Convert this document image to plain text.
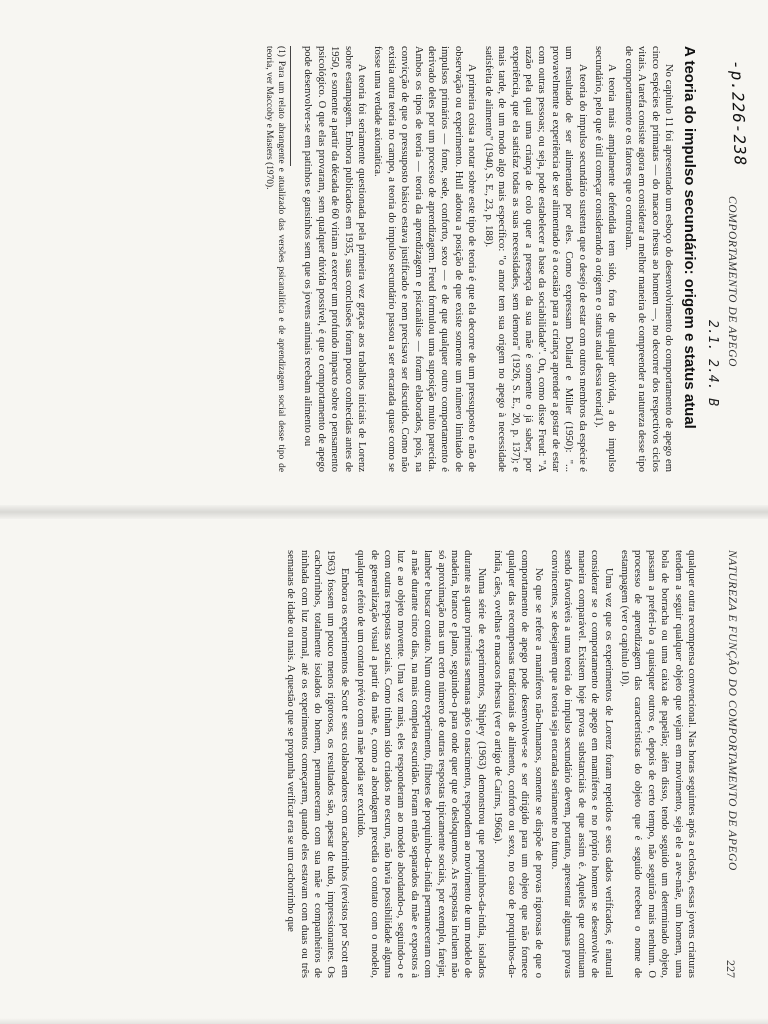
-p.226-238
2.1. 2.4. B COMPORTAMENTO DE APEGO
A teoria do impulso secundário: origem e status atual

No capítulo 11 foi apresentado um esboço do desenvolvimento do comportamento de apego em cinco espécies de primatas — do macaco rhesus ao homem —, no decorrer dos respectivos ciclos vitais. A tarefa consiste agora em considerar a melhor maneira de compreender a natureza desse tipo de comportamento e os fatores que o controlam.

A teoria mais amplamente defendida tem sido, fora de qualquer dúvida, a do impulso secundário, pelo que é útil começar considerando a origem e o status atual dessa teoria(1).

A teoria do impulso secundário sustenta que o desejo de estar com outros membros da espécie é um resultado de ser alimentado por eles. Como expressam Dollard e Miller (1950): "... provavelmente a experiência de ser alimentado é a ocasião para a criança aprender a gostar de estar com outras pessoas; ou seja, pode estabelecer a base da sociabilidade". Ou, como disse Freud: "A razão pela qual uma criança de colo quer a presença da sua mãe é somente o já saber, por experiência, que ela satisfaz todas as suas necessidades, sem demora" (1926, S. E., 20, p. 137); e mais tarde, de um modo algo mais específico: "o amor tem sua origem no apego à necessidade satisfeita de alimento" (1940, S. E., 23, p. 188).

A primeira coisa a notar sobre este tipo de teoria é que ela decorre de um pressuposto e não de observação ou experimento. Hull adotou a posição de que existe somente um número limitado de impulsos primários — fome, sede, conforto, sexo — e de que qualquer outro comportamento é derivado deles por um processo de aprendizagem. Freud formulou uma suposição muito parecida. Ambos os tipos de teoria — teoria da aprendizagem e psicanálise — foram elaborados, pois, na convicção de que o pressuposto básico estava justificado e nem precisava ser discutido. Como não existia outra teoria no campo, a teoria do impulso secundário passou a ser encarada quase como se fosse uma verdade axiomática.

A teoria foi seriamente questionada pela primeira vez graças aos trabalhos iniciais de Lorenz sobre estampagem. Embora publicados em 1935, suas conclusões foram pouco conhecidas antes de 1950, e somente a partir da década de 60 viriam a exercer um profundo impacto sobre o pensamento psicológico. O que elas provaram, sem qualquer dúvida possível, é que o comportamento de apego pode desenvolver-se em patinhos e gansinhos sem que os jovens animais recebam alimento ou

(1) Para um relato abrangente e atualizado das versões psicanalítica e de aprendizagem social desse tipo de teoria, ver Maccoby e Masters (1970).

NATUREZA E FUNÇÃO DO COMPORTAMENTO DE APEGO
227

qualquer outra recompensa convencional. Nas horas seguintes após a eclosão, essas jovens criaturas tendem a seguir qualquer objeto que vejam em movimento, seja ele a ave-mãe, um homem, uma bola de borracha ou uma caixa de papelão; além disso, tendo seguido um determinado objeto, passam a preferi-lo a quaisquer outros e, depois de certo tempo, não seguirão mais nenhum. O processo de aprendizagem das características do objeto que é seguido recebeu o nome de estampagem (ver o capítulo 10).

Uma vez que os experimentos de Lorenz foram repetidos e seus dados verificados, é natural considerar se o comportamento de apego em mamíferos e no próprio homem se desenvolve de maneira comparável. Existem hoje provas substanciais de que assim é. Aqueles que continuam sendo favoráveis a uma teoria do impulso secundário devem, portanto, apresentar algumas provas convincentes, se desejarem que a teoria seja encarada seriamente no futuro.

No que se refere a mamíferos não-humanos, somente se dispõe de provas rigorosas de que o comportamento de apego pode desenvolver-se e ser dirigido para um objeto que não fornece qualquer das recompensas tradicionais de alimento, conforto ou sexo, no caso de porquinhos-da-índia, cães, ovelhas e macacos rhesus (ver o artigo de Cairns, 1966a).

Numa série de experimentos, Shipley (1963) demonstrou que porquinhos-da-índia, isolados durante as quatro primeiras semanas após o nascimento, respondem ao movimento de um modelo de madeira, branco e plano, seguindo-o para onde quer que o desloquemos. As respostas incluem não só aproximação mas um certo número de outras respostas tipicamente sociais, por exemplo, farejar, lamber e buscar contato. Num outro experimento, filhotes de porquinho-da-índia permaneceram com a mãe durante cinco dias, na mais completa escuridão. Foram então separados da mãe e expostos à luz e ao objeto movente. Uma vez mais, eles responderam ao modelo abordando-o, seguindo-o e com outras respostas sociais. Como tinham sido criados no escuro, não havia possibilidade alguma de generalização visual a partir da mãe e, como a abordagem precedia o contato com o modelo, qualquer efeito de um contato prévio com a mãe podia ser excluído.

Embora os experimentos de Scott e seus colaboradores com cachorrinhos (revistos por Scott em 1963) fossem um pouco menos rigorosos, os resultados são, apesar de tudo, impressionantes. Os cachorrinhos, totalmente isolados do homem, permaneceram com sua mãe e companheiros de ninhada com luz normal, até os experimentos começarem, quando eles estavam com duas ou três semanas de idade ou mais. A questão que se propunha verificar era se um cachorrinho que
